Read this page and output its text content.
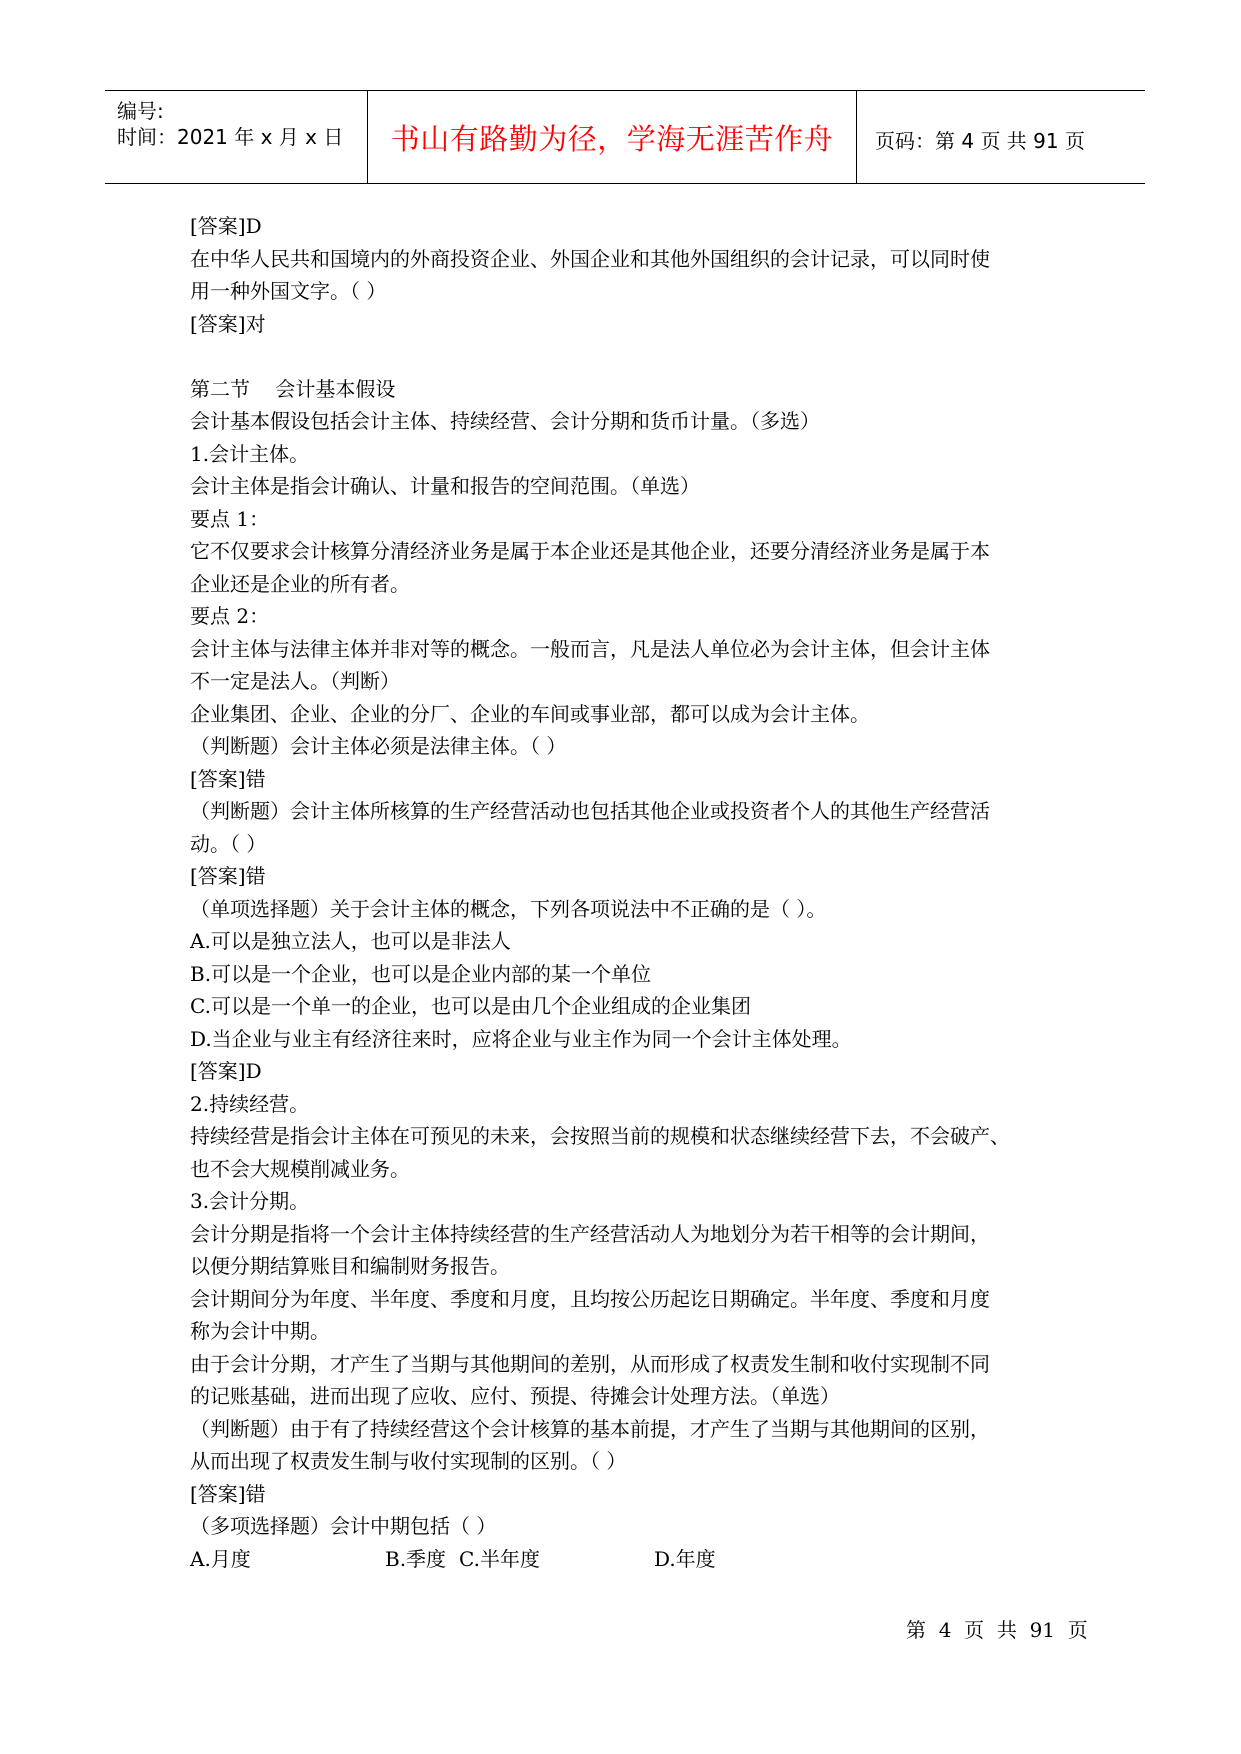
编号:
时间：2021 年 x 月 x 日	书山有路勤为径，学海无涯苦作舟	页码：第 4 页 共 91 页
[答案]D
在中华人民共和国境内的外商投资企业、外国企业和其他外国组织的会计记录，可以同时使
用一种外国文字。（ ）
[答案]对
第二节    会计基本假设
会计基本假设包括会计主体、持续经营、会计分期和货币计量。（多选）
1.会计主体。
会计主体是指会计确认、计量和报告的空间范围。（单选）
要点 1：
它不仅要求会计核算分清经济业务是属于本企业还是其他企业，还要分清经济业务是属于本
企业还是企业的所有者。
要点 2：
会计主体与法律主体并非对等的概念。一般而言，凡是法人单位必为会计主体，但会计主体
不一定是法人。（判断）
企业集团、企业、企业的分厂、企业的车间或事业部，都可以成为会计主体。
（判断题）会计主体必须是法律主体。（ ）
[答案]错
（判断题）会计主体所核算的生产经营活动也包括其他企业或投资者个人的其他生产经营活
动。（ ）
[答案]错
（单项选择题）关于会计主体的概念，下列各项说法中不正确的是（ ）。
A.可以是独立法人，也可以是非法人
B.可以是一个企业，也可以是企业内部的某一个单位
C.可以是一个单一的企业，也可以是由几个企业组成的企业集团
D.当企业与业主有经济往来时，应将企业与业主作为同一个会计主体处理。
[答案]D
2.持续经营。
持续经营是指会计主体在可预见的未来，会按照当前的规模和状态继续经营下去，不会破产、
也不会大规模削减业务。
3.会计分期。
会计分期是指将一个会计主体持续经营的生产经营活动人为地划分为若干相等的会计期间，
以便分期结算账目和编制财务报告。
会计期间分为年度、半年度、季度和月度，且均按公历起讫日期确定。半年度、季度和月度
称为会计中期。
由于会计分期，才产生了当期与其他期间的差别，从而形成了权责发生制和收付实现制不同
的记账基础，进而出现了应收、应付、预提、待摊会计处理方法。（单选）
（判断题）由于有了持续经营这个会计核算的基本前提，才产生了当期与其他期间的区别，
从而出现了权责发生制与收付实现制的区别。（ ）
[答案]错
（多项选择题）会计中期包括（ ）
A.月度	B.季度 C.半年度	D.年度
第  4  页  共  91  页
